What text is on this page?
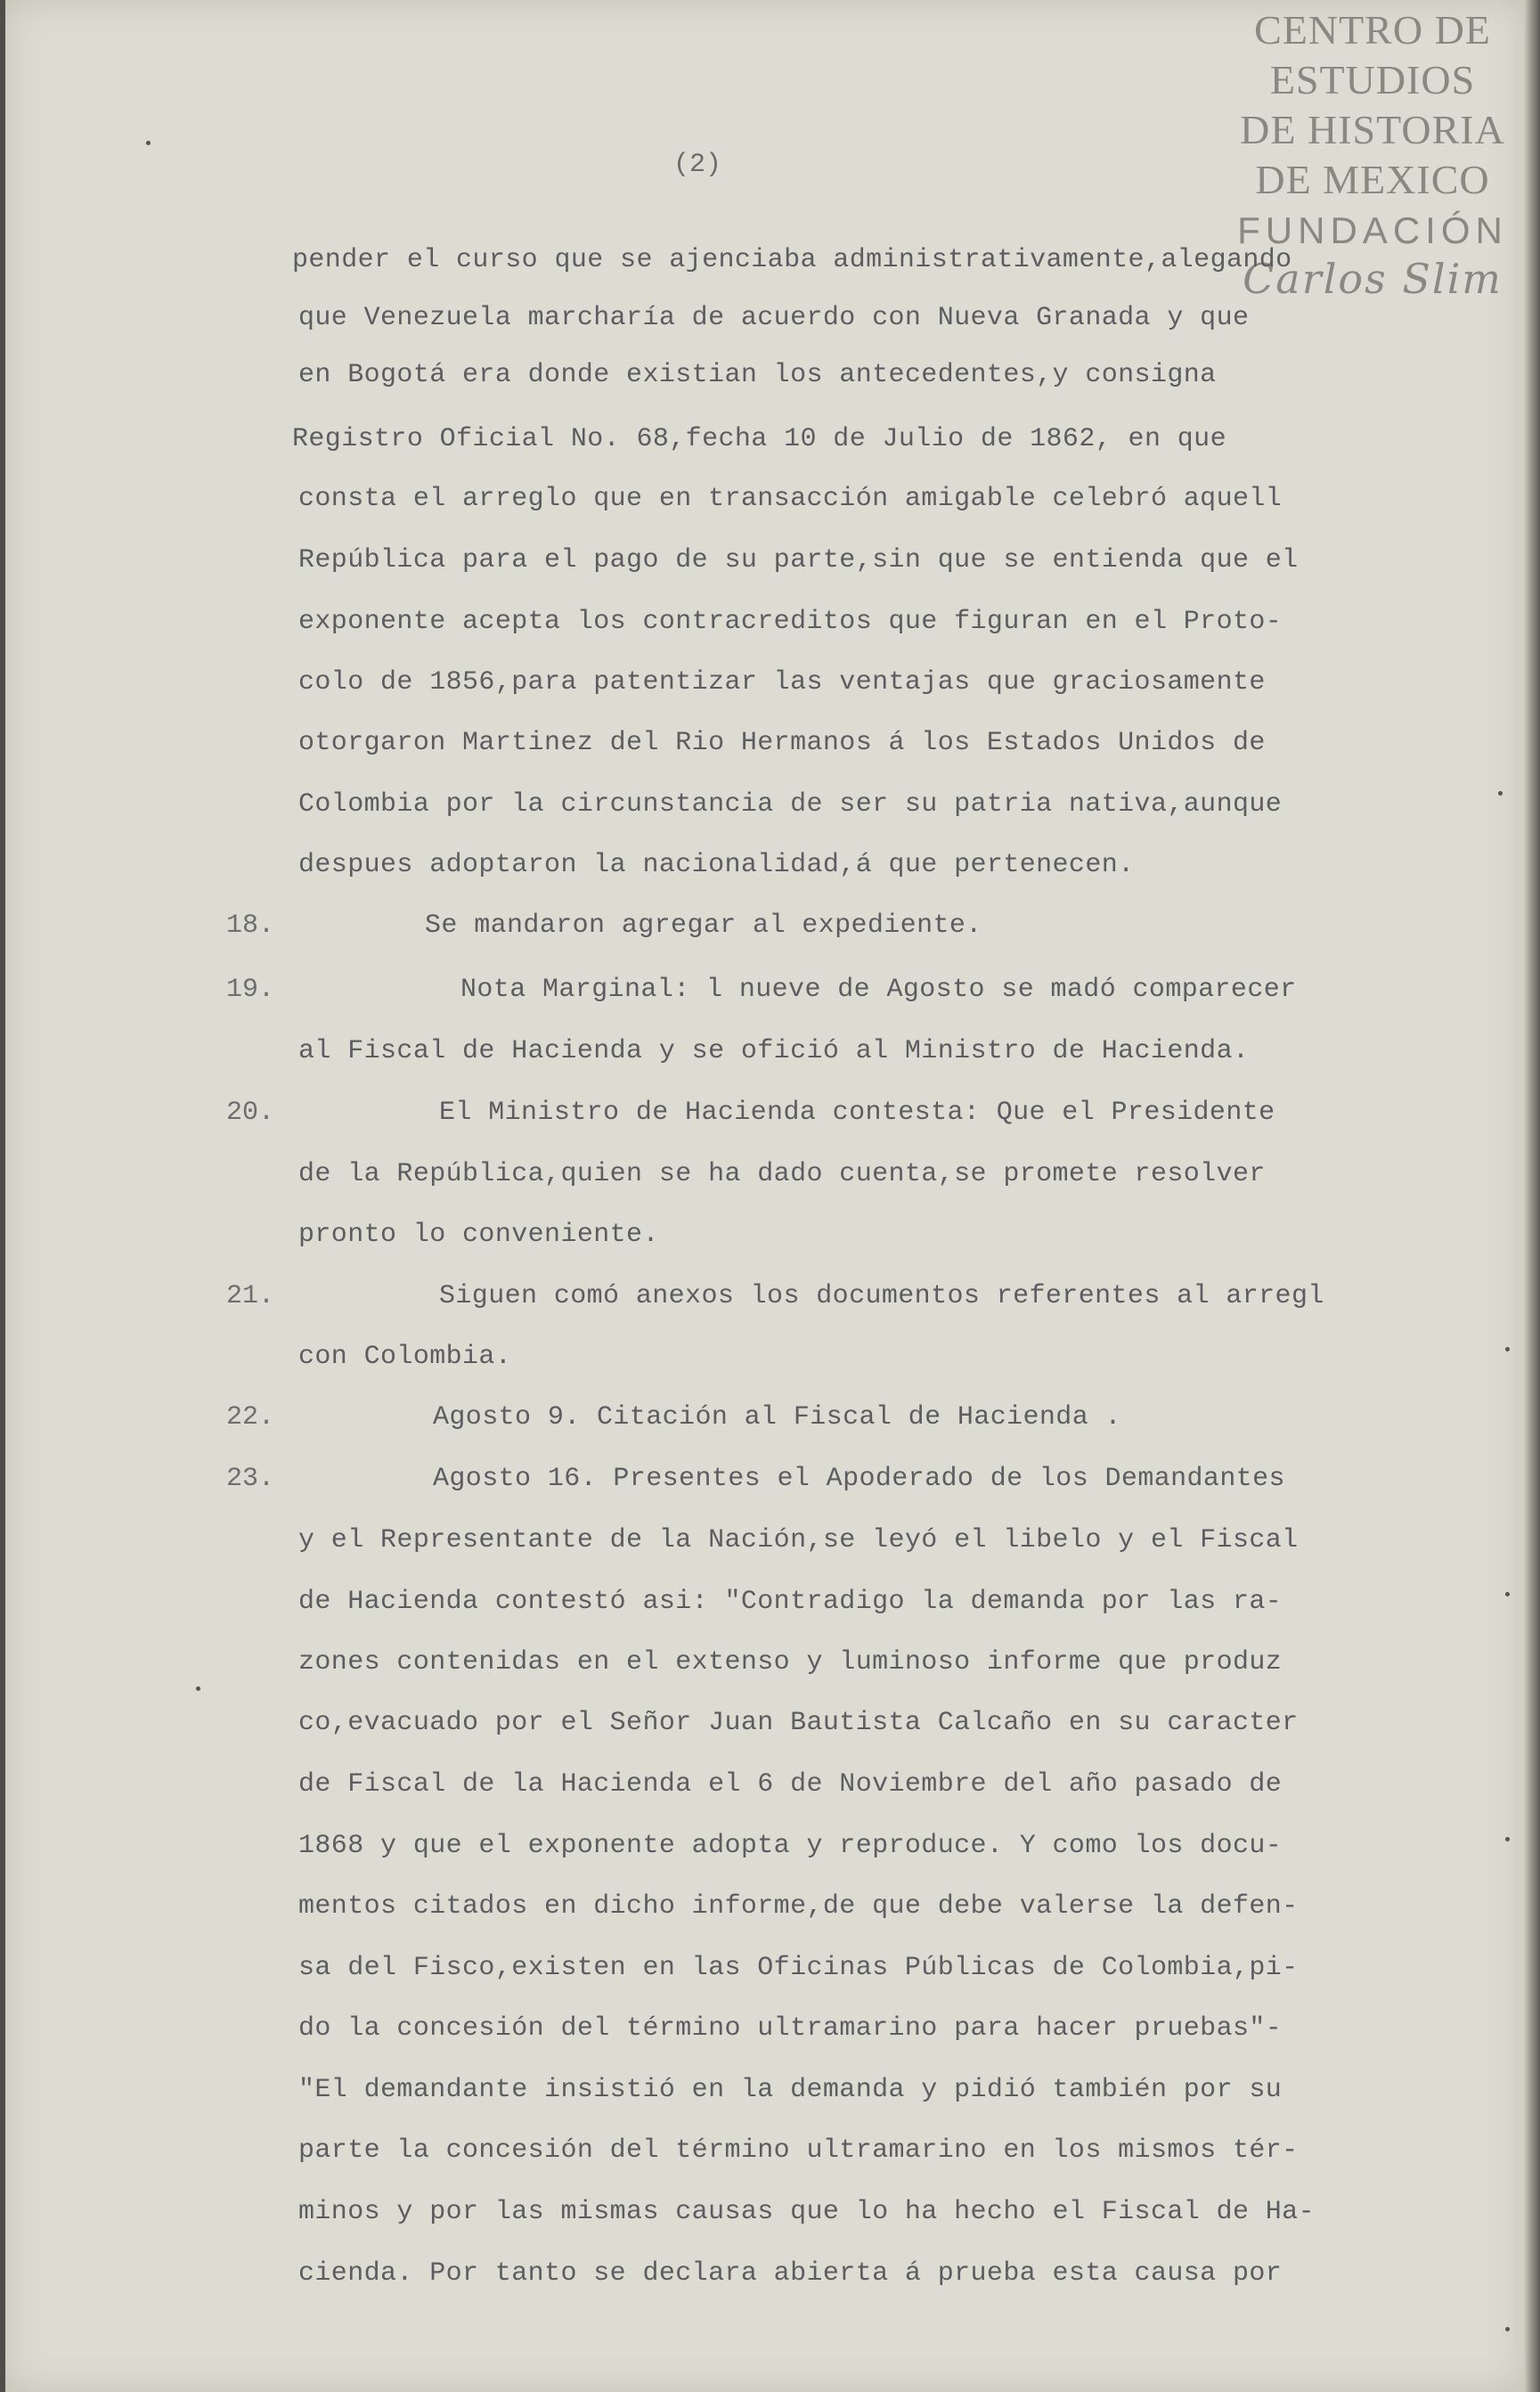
CENTRO DE
ESTUDIOS
DE HISTORIA
DE MEXICO
FUNDACIÓN
Carlos Slim
(2)
pender el curso que se ajenciaba administrativamente,alegando
que Venezuela marcharía de acuerdo con Nueva Granada y que
en Bogotá era donde existian los antecedentes,y consigna
Registro Oficial No. 68,fecha 10 de Julio de 1862, en que
consta el arreglo que en transacción amigable celebró aquell
República para el pago de su parte,sin que se entienda que el
exponente acepta los contracreditos que figuran en el Proto-
colo de 1856,para patentizar las ventajas que graciosamente
otorgaron Martinez del Rio Hermanos á los Estados Unidos de
Colombia por la circunstancia de ser su patria nativa,aunque
despues adoptaron la nacionalidad,á que pertenecen.
18.	Se mandaron agregar al expediente.
19.	Nota Marginal: l nueve de Agosto se madó comparecer
al Fiscal de Hacienda y se ofició al Ministro de Hacienda.
20.	El Ministro de Hacienda contesta: Que el Presidente
de la República,quien se ha dado cuenta,se promete resolver
pronto lo conveniente.
21.	Siguen comó anexos los documentos referentes al arregl
con Colombia.
22.	Agosto 9. Citación al Fiscal de Hacienda .
23.	Agosto 16. Presentes el Apoderado de los Demandantes
y el Representante de la Nación,se leyó el libelo y el Fiscal
de Hacienda contestó asi: "Contradigo la demanda por las ra-
zones contenidas en el extenso y luminoso informe que produz
co,evacuado por el Señor Juan Bautista Calcaño en su caracter
de Fiscal de la Hacienda el 6 de Noviembre del año pasado de
1868 y que el exponente adopta y reproduce. Y como los docu-
mentos citados en dicho informe,de que debe valerse la defen-
sa del Fisco,existen en las Oficinas Públicas de Colombia,pi-
do la concesión del término ultramarino para hacer pruebas"-
"El demandante insistió en la demanda y pidió también por su
parte la concesión del término ultramarino en los mismos tér-
minos y por las mismas causas que lo ha hecho el Fiscal de Ha-
cienda. Por tanto se declara abierta á prueba esta causa por
